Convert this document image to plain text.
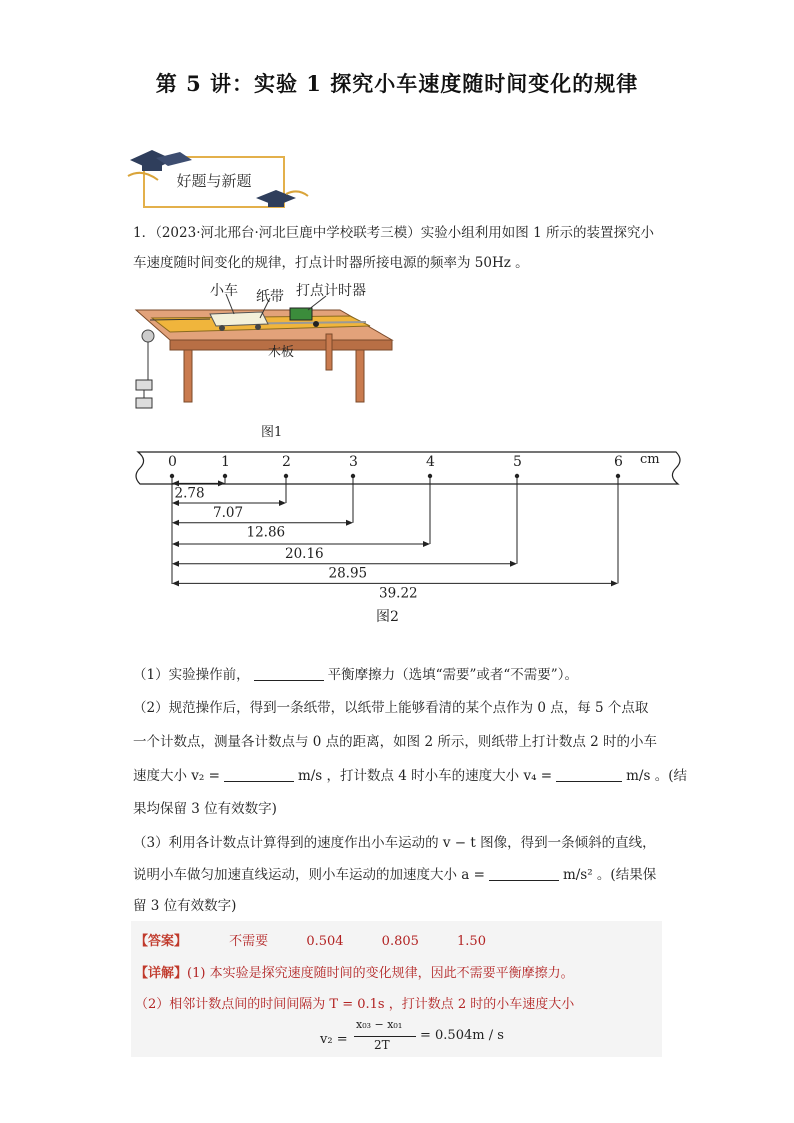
第 5 讲：实验 1 探究小车速度随时间变化的规律
好题与新题
1．（2023·河北邢台·河北巨鹿中学校联考三模）实验小组利用如图 1 所示的装置探究小
车速度随时间变化的规律，打点计时器所接电源的频率为 50Hz 。
小车 纸带 打点计时器
木板
图1
0	1	2	3	4	5	6
2.78
7.07
12.86
20.16
28.95
39.22
cm
图2
（1）实验操作前，	平衡摩擦力（选填“需要”或者“不需要”）。
（2）规范操作后，得到一条纸带，以纸带上能够看清的某个点作为 0 点，每 5 个点取
一个计数点，测量各计数点与 0 点的距离，如图 2 所示，则纸带上打计数点 2 时的小车
速度大小 v₂ =	m/s ，打计数点 4 时小车的速度大小 v₄ =	m/s 。(结
果均保留 3 位有效数字)
（3）利用各计数点计算得到的速度作出小车运动的 v − t 图像，得到一条倾斜的直线，
说明小车做匀加速直线运动，则小车运动的加速度大小 a =	m/s² 。(结果保
留 3 位有效数字)
【答案】	不需要	0.504	0.805	1.50
【详解】(1) 本实验是探究速度随时间的变化规律，因此不需要平衡摩擦力。
（2）相邻计数点间的时间间隔为 T = 0.1s ，打计数点 2 时的小车速度大小
v₂ =
x₀₃ − x₀₁
2T
= 0.504m / s
